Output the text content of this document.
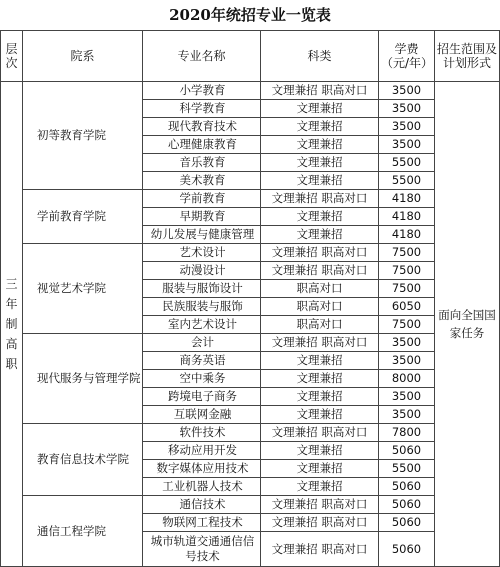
2020年统招专业一览表
层次	院系	专业名称	科类	学费（元/年）	招生范围及计划形式
三年制高职	初等教育学院	小学教育	文理兼招 职高对口	3500	面向全国国家任务
		科学教育	文理兼招	3500	
		现代教育技术	文理兼招	3500	
		心理健康教育	文理兼招	3500	
		音乐教育	文理兼招	5500	
		美术教育	文理兼招	5500	
	学前教育学院	学前教育	文理兼招 职高对口	4180	
		早期教育	文理兼招	4180	
		幼儿发展与健康管理	文理兼招	4180	
	视觉艺术学院	艺术设计	文理兼招 职高对口	7500	
		动漫设计	文理兼招 职高对口	7500	
		服装与服饰设计	职高对口	7500	
		民族服装与服饰	职高对口	6050	
		室内艺术设计	职高对口	7500	
	现代服务与管理学院	会计	文理兼招 职高对口	3500	
		商务英语	文理兼招	3500	
		空中乘务	文理兼招	8000	
		跨境电子商务	文理兼招	3500	
		互联网金融	文理兼招	3500	
	教育信息技术学院	软件技术	文理兼招 职高对口	7800	
		移动应用开发	文理兼招	5060	
		数字媒体应用技术	文理兼招	5500	
		工业机器人技术	文理兼招	5060	
	通信工程学院	通信技术	文理兼招 职高对口	5060	
		物联网工程技术	文理兼招 职高对口	5060	
		城市轨道交通通信信号技术	文理兼招 职高对口	5060	
